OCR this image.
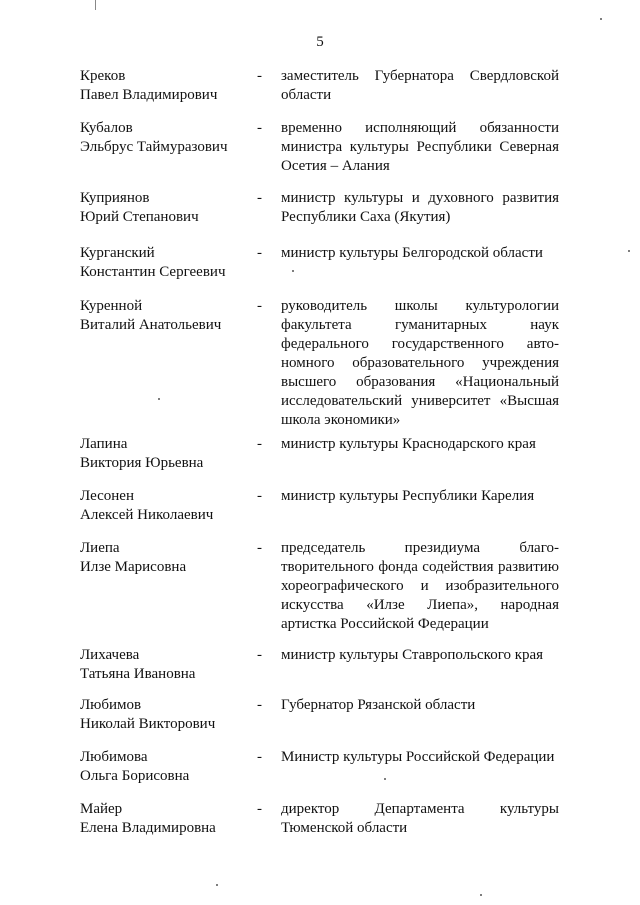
5
Креков
Павел Владимирович
- заместитель Губернатора Свердловской
области
Кубалов
Эльбрус Таймуразович
- временно исполняющий обязанности
министра культуры Республики Северная
Осетия – Алания
Куприянов
Юрий Степанович
- министр культуры и духовного развития
Республики Саха (Якутия)
Курганский
Константин Сергеевич
- министр культуры Белгородской области
Куренной
Виталий Анатольевич
- руководитель школы культурологии
факультета гуманитарных наук
федерального государственного авто-
номного образовательного учреждения
высшего образования «Национальный
исследовательский университет «Высшая
школа экономики»
Лапина
Виктория Юрьевна
- министр культуры Краснодарского края
Лесонен
Алексей Николаевич
- министр культуры Республики Карелия
Лиепа
Илзе Марисовна
- председатель президиума благо-
творительного фонда содействия развитию
хореографического и изобразительного
искусства «Илзе Лиепа», народная
артистка Российской Федерации
Лихачева
Татьяна Ивановна
- министр культуры Ставропольского края
Любимов
Николай Викторович
- Губернатор Рязанской области
Любимова
Ольга Борисовна
- Министр культуры Российской Федерации
Майер
Елена Владимировна
- директор Департамента культуры
Тюменской области
